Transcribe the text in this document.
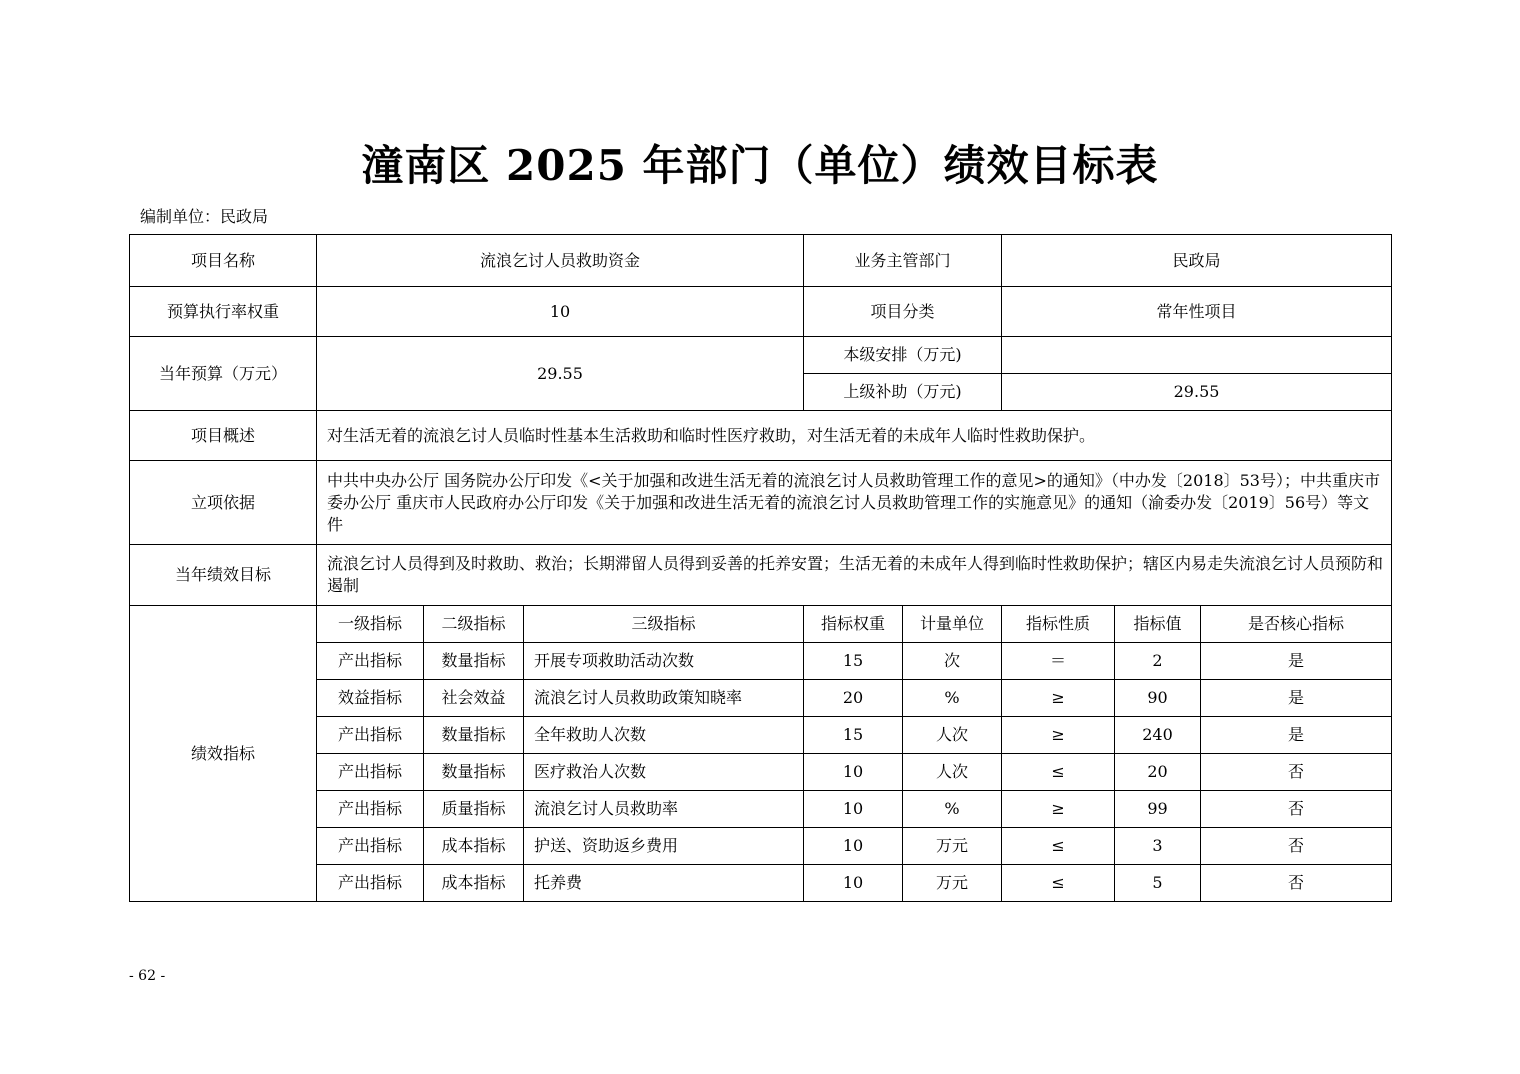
潼南区 2025 年部门（单位）绩效目标表
编制单位：民政局
项目名称	流浪乞讨人员救助资金			业务主管部门		民政局		
预算执行率权重	10			项目分类		常年性项目		
当年预算（万元）	29.55			本级安排（万元)				
				上级补助（万元)		29.55		
项目概述	对生活无着的流浪乞讨人员临时性基本生活救助和临时性医疗救助，对生活无着的未成年人临时性救助保护。							
立项依据	中共中央办公厅 国务院办公厅印发《<关于加强和改进生活无着的流浪乞讨人员救助管理工作的意见>的通知》（中办发〔2018〕53号）；中共重庆市委办公厅 重庆市人民政府办公厅印发《关于加强和改进生活无着的流浪乞讨人员救助管理工作的实施意见》的通知（渝委办发〔2019〕56号）等文件							
当年绩效目标	流浪乞讨人员得到及时救助、救治；长期滞留人员得到妥善的托养安置；生活无着的未成年人得到临时性救助保护；辖区内易走失流浪乞讨人员预防和遏制							
绩效指标	一级指标	二级指标	三级指标	指标权重	计量单位	指标性质	指标值	是否核心指标
	产出指标	数量指标	开展专项救助活动次数	15	次	＝	2	是
	效益指标	社会效益	流浪乞讨人员救助政策知晓率	20	%	≥	90	是
	产出指标	数量指标	全年救助人次数	15	人次	≥	240	是
	产出指标	数量指标	医疗救治人次数	10	人次	≤	20	否
	产出指标	质量指标	流浪乞讨人员救助率	10	%	≥	99	否
	产出指标	成本指标	护送、资助返乡费用	10	万元	≤	3	否
	产出指标	成本指标	托养费	10	万元	≤	5	否
- 62 -
